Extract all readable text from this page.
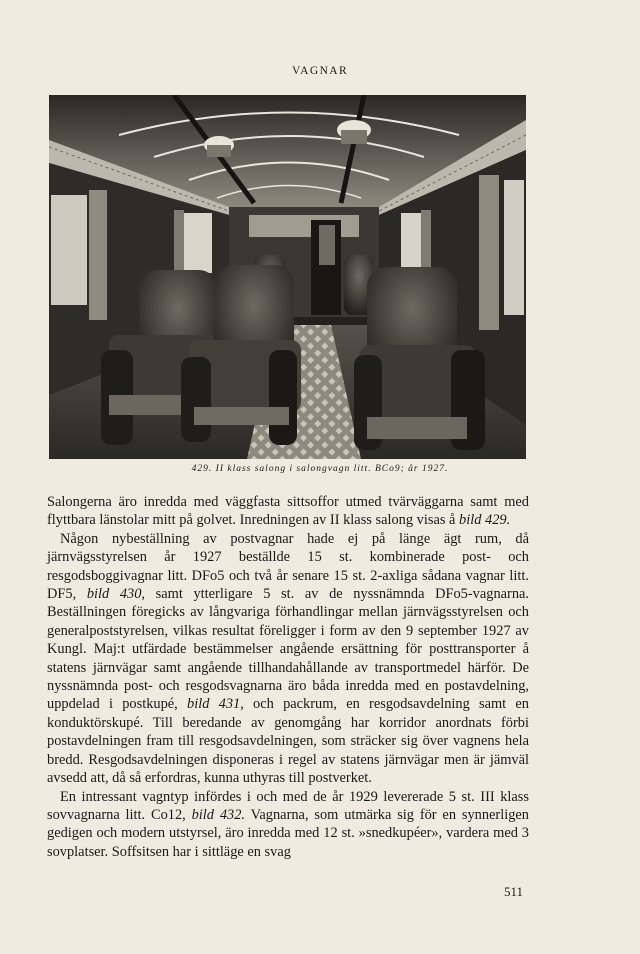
VAGNAR
429. II klass salong i salongvagn litt. BCo9; år 1927.

Salongerna äro inredda med väggfasta sittsoffor utmed tvärväggarna samt med flyttbara länstolar mitt på golvet. Inredningen av II klass salong visas å bild 429.

Någon nybeställning av postvagnar hade ej på länge ägt rum, då järnvägsstyrelsen år 1927 beställde 15 st. kombinerade post- och resgodsboggivagnar litt. DFo5 och två år senare 15 st. 2-axliga sådana vagnar litt. DF5, bild 430, samt ytterligare 5 st. av de nyssnämnda DFo5-vagnarna. Beställningen föregicks av långvariga förhandlingar mellan järnvägsstyrelsen och generalpoststyrelsen, vilkas resultat föreligger i form av den 9 september 1927 av Kungl. Maj:t utfärdade bestämmelser angående ersättning för posttransporter å statens järnvägar samt angående tillhandahållande av transportmedel härför. De nyssnämnda post- och resgodsvagnarna äro båda inredda med en postavdelning, uppdelad i postkupé, bild 431, och packrum, en resgodsavdelning samt en konduktörskupé. Till beredande av genomgång har korridor anordnats förbi postavdelningen fram till resgodsavdelningen, som sträcker sig över vagnens hela bredd. Resgodsavdelningen disponeras i regel av statens järnvägar men är jämväl avsedd att, då så erfordras, kunna uthyras till postverket.

En intressant vagntyp infördes i och med de år 1929 levererade 5 st. III klass sovvagnarna litt. Co12, bild 432. Vagnarna, som utmärka sig för en synnerligen gedigen och modern utstyrsel, äro inredda med 12 st. »snedkupéer», vardera med 3 sovplatser. Soffsitsen har i sittläge en svag

511
